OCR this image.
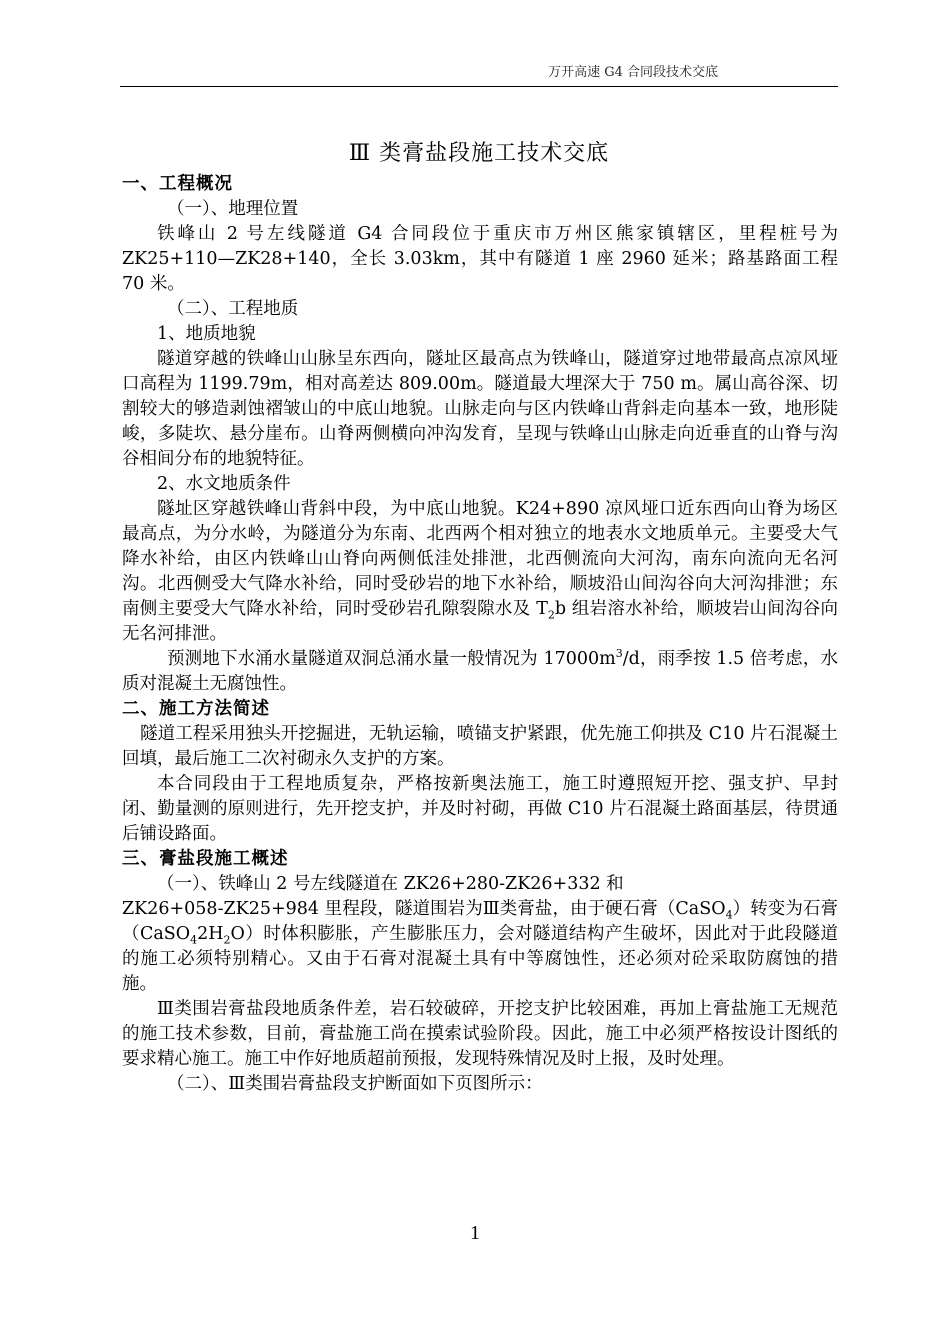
万开高速 G4 合同段技术交底
Ⅲ 类膏盐段施工技术交底

一、工程概况

（一）、地理位置

铁峰山 2 号左线隧道 G4 合同段位于重庆市万州区熊家镇辖区，里程桩号为 ZK25+110—ZK28+140，全长 3.03km，其中有隧道 1 座 2960 延米；路基路面工程 70 米。

（二）、工程地质

1、地质地貌

隧道穿越的铁峰山山脉呈东西向，隧址区最高点为铁峰山，隧道穿过地带最高点凉风垭口高程为 1199.79m，相对高差达 809.00m。隧道最大埋深大于 750 m。属山高谷深、切割较大的够造剥蚀褶皱山的中底山地貌。山脉走向与区内铁峰山背斜走向基本一致，地形陡峻，多陡坎、悬分崖布。山脊两侧横向冲沟发育，呈现与铁峰山山脉走向近垂直的山脊与沟谷相间分布的地貌特征。

2、水文地质条件

隧址区穿越铁峰山背斜中段，为中底山地貌。K24+890 凉风垭口近东西向山脊为场区最高点，为分水岭，为隧道分为东南、北西两个相对独立的地表水文地质单元。主要受大气降水补给，由区内铁峰山山脊向两侧低洼处排泄，北西侧流向大河沟，南东向流向无名河沟。北西侧受大气降水补给，同时受砂岩的地下水补给，顺坡沿山间沟谷向大河沟排泄；东南侧主要受大气降水补给，同时受砂岩孔隙裂隙水及 $T_2b$ 组岩溶水补给，顺坡岩山间沟谷向无名河排泄。

预测地下水涌水量隧道双洞总涌水量一般情况为 $17000m^3/d$，雨季按 1.5 倍考虑，水质对混凝土无腐蚀性。

二、施工方法简述

隧道工程采用独头开挖掘进，无轨运输，喷锚支护紧跟，优先施工仰拱及 C10 片石混凝土回填，最后施工二次衬砌永久支护的方案。

本合同段由于工程地质复杂，严格按新奥法施工，施工时遵照短开挖、强支护、早封闭、勤量测的原则进行，先开挖支护，并及时衬砌，再做 C10 片石混凝土路面基层，待贯通后铺设路面。

三、膏盐段施工概述

（一）、铁峰山 2 号左线隧道在 ZK26+280-ZK26+332 和

ZK26+058-ZK25+984 里程段，隧道围岩为Ⅲ类膏盐，由于硬石膏（CaSO$_4$）转变为石膏$(CaSO_42H_2O)$时体积膨胀，产生膨胀压力，会对隧道结构产生破坏，因此对于此段隧道的施工必须特别精心。又由于石膏对混凝土具有中等腐蚀性，还必须对砼采取防腐蚀的措施。

Ⅲ类围岩膏盐段地质条件差，岩石较破碎，开挖支护比较困难，再加上膏盐施工无规范的施工技术参数，目前，膏盐施工尚在摸索试验阶段。因此，施工中必须严格按设计图纸的要求精心施工。施工中作好地质超前预报，发现特殊情况及时上报，及时处理。

（二）、Ⅲ类围岩膏盐段支护断面如下页图所示：

1
